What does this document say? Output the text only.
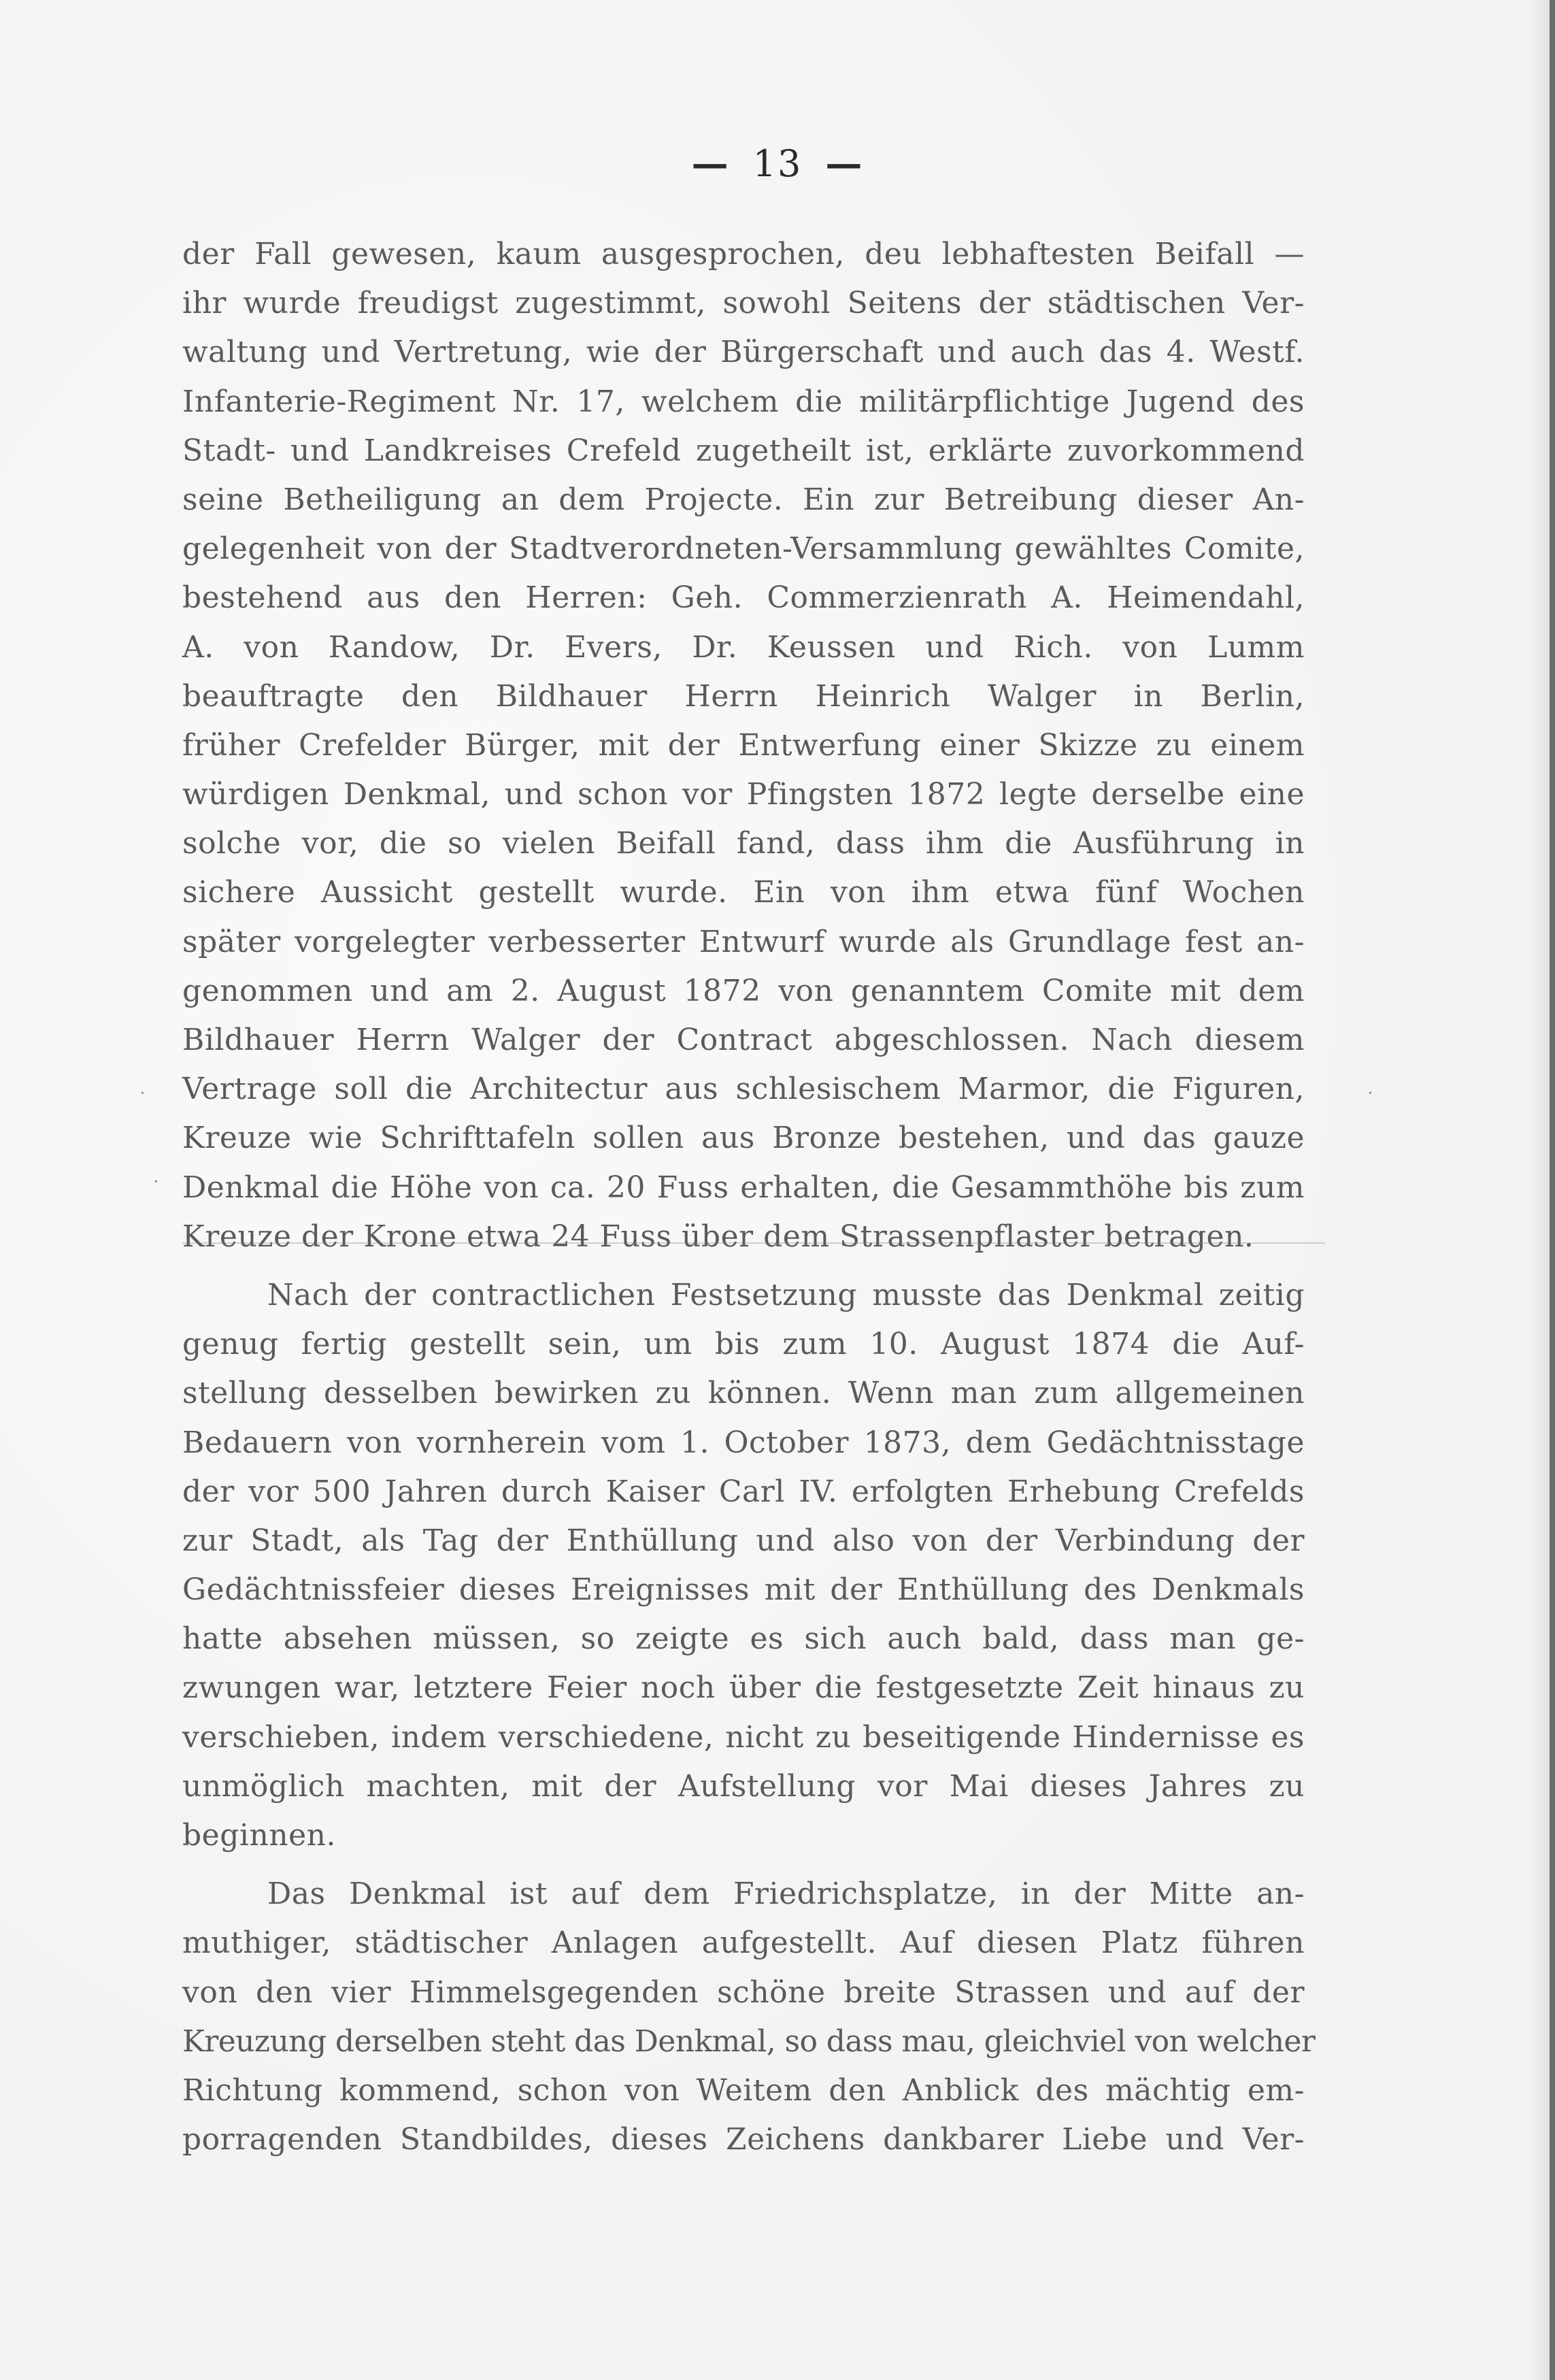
— 13 —
der Fall gewesen, kaum ausgesprochen, deu lebhaftesten Beifall —
ihr wurde freudigst zugestimmt, sowohl Seitens der städtischen Ver-
waltung und Vertretung, wie der Bürgerschaft und auch das 4. Westf.
Infanterie-Regiment Nr. 17, welchem die militärpflichtige Jugend des
Stadt- und Landkreises Crefeld zugetheilt ist, erklärte zuvorkommend
seine Betheiligung an dem Projecte. Ein zur Betreibung dieser An-
gelegenheit von der Stadtverordneten-Versammlung gewähltes Comite,
bestehend aus den Herren: Geh. Commerzienrath A. Heimendahl,
A. von Randow, Dr. Evers, Dr. Keussen und Rich. von Lumm
beauftragte den Bildhauer Herrn Heinrich Walger in Berlin,
früher Crefelder Bürger, mit der Entwerfung einer Skizze zu einem
würdigen Denkmal, und schon vor Pfingsten 1872 legte derselbe eine
solche vor, die so vielen Beifall fand, dass ihm die Ausführung in
sichere Aussicht gestellt wurde. Ein von ihm etwa fünf Wochen
später vorgelegter verbesserter Entwurf wurde als Grundlage fest an-
genommen und am 2. August 1872 von genanntem Comite mit dem
Bildhauer Herrn Walger der Contract abgeschlossen. Nach diesem
Vertrage soll die Architectur aus schlesischem Marmor, die Figuren,
Kreuze wie Schrifttafeln sollen aus Bronze bestehen, und das gauze
Denkmal die Höhe von ca. 20 Fuss erhalten, die Gesammthöhe bis zum
Kreuze der Krone etwa 24 Fuss über dem Strassenpflaster betragen.
Nach der contractlichen Festsetzung musste das Denkmal zeitig
genug fertig gestellt sein, um bis zum 10. August 1874 die Auf-
stellung desselben bewirken zu können. Wenn man zum allgemeinen
Bedauern von vornherein vom 1. October 1873, dem Gedächtnisstage
der vor 500 Jahren durch Kaiser Carl IV. erfolgten Erhebung Crefelds
zur Stadt, als Tag der Enthüllung und also von der Verbindung der
Gedächtnissfeier dieses Ereignisses mit der Enthüllung des Denkmals
hatte absehen müssen, so zeigte es sich auch bald, dass man ge-
zwungen war, letztere Feier noch über die festgesetzte Zeit hinaus zu
verschieben, indem verschiedene, nicht zu beseitigende Hindernisse es
unmöglich machten, mit der Aufstellung vor Mai dieses Jahres zu
beginnen.
Das Denkmal ist auf dem Friedrichsplatze, in der Mitte an-
muthiger, städtischer Anlagen aufgestellt. Auf diesen Platz führen
von den vier Himmelsgegenden schöne breite Strassen und auf der
Kreuzung derselben steht das Denkmal, so dass mau, gleichviel von welcher
Richtung kommend, schon von Weitem den Anblick des mächtig em-
porragenden Standbildes, dieses Zeichens dankbarer Liebe und Ver-
·
·
·
